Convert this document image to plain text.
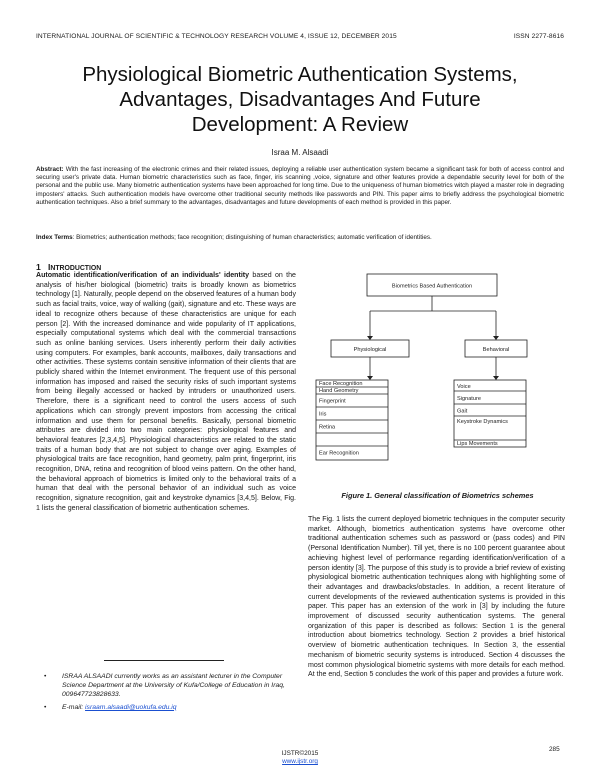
INTERNATIONAL JOURNAL OF SCIENTIFIC & TECHNOLOGY RESEARCH VOLUME 4, ISSUE 12, DECEMBER 2015	ISSN 2277-8616
Physiological Biometric Authentication Systems,
Advantages, Disadvantages And Future
Development: A Review
Israa M. Alsaadi
Abstract: With the fast increasing of the electronic crimes and their related issues, deploying a reliable user authentication system became a significant task for both of access control and securing user's private data. Human biometric characteristics such as face, finger, iris scanning ,voice, signature and other features provide a dependable security level for both of the personal and the public use. Many biometric authentication systems have been approached for long time. Due to the uniqueness of human biometrics witch played a master role in degrading imposters' attacks. Such authentication models have overcome other traditional security methods like passwords and PIN. This paper aims to briefly address the psychological biometric authentication techniques. Also a brief summary to the advantages, disadvantages and future developments of each method is provided in this paper.
Index Terms: Biometrics; authentication methods; face recognition; distinguishing of human characteristics; automatic verification of identities.
1 INTRODUCTION

Automatic identification/verification of an individuals' identity based on the analysis of his/her biological (biometric) traits is broadly known as biometrics technology [1]. Naturally, people depend on the observed features of a human body such as facial traits, voice, way of walking (gait), signature and etc. These ways are ideal to recognize others because of these characteristics are unique for each person [2]. With the increased dominance and wide popularity of IT applications, especially computational systems which deal with the commercial transactions such as online banking services. Users inherently perform their daily activities using computers. For examples, bank accounts, mailboxes, daily transactions and other activities. These systems contain sensitive information of their clients that are publicly shared within the Internet environment. The frequent use of this personal information has imposed and raised the security risks of such important systems from being illegally accessed or hacked by intruders or unauthorized users. Therefore, there is a significant need to control the users access of such applications which can strongly prevent impostors from accessing the critical information and use them for personal benefits. Basically, personal biometric attributes are divided into two main categories: physiological features and behavioral features [2,3,4,5]. Physiological characteristics are related to the static traits of a human body that are not subject to change over aging. Examples of physiological traits are face recognition, hand geometry, palm print, fingerprint, iris recognition, DNA, retina and recognition of blood veins pattern. On the other hand, the behavioral approach of biometrics is limited only to the behavioral traits of a human that deal with the personal behavior of an individual such as voice recognition, signature recognition, gait and keystroke dynamics [3,4,5]. Below, Fig. 1 lists the general classification of biometric authentication schemes.

• ISRAA ALSAADI currently works as an assistant lecturer in the Computer Science Department at the University of Kufa/College of Education in Iraq, 009647723828633.
• E-mail: israam.alsaadi@uokufa.edu.iq
Biometrics Based Authentication
Physiological	Behavioral
Face Recognition
Hand Geometry
Fingerprint
Iris
Retina
Ear Recognition
Voice
Signature
Gait
Keystroke Dynamics
Lips Movements
Figure 1. General classification of Biometrics schemes

The Fig. 1 lists the current deployed biometric techniques in the computer security market. Although, biometrics authentication systems have overcome other traditional authentication schemes such as password or (pass codes) and PIN (Personal Identification Number). Till yet, there is no 100 percent guarantee about achieving highest level of performance regarding identification/verification of a person identity [3]. The purpose of this study is to provide a brief review of existing physiological biometric authentication techniques along with highlighting some of their advantages and drawbacks/obstacles. In addition, a recent literature of current developments of the reviewed authentication systems is provided in this paper. This paper has an extension of the work in [3] by including the future improvement of discussed security authentication systems. The general organization of this paper is described as follows: Section 1 is the general introduction about biometrics technology. Section 2 provides a brief historical overview of biometric authentication techniques. In Section 3, the essential mechanism of biometric security systems is introduced. Section 4 discusses the most common physiological biometric systems with more details for each method. At the end, Section 5 concludes the work of this paper and provides a future work.

285
IJSTR©2015
www.ijstr.org
